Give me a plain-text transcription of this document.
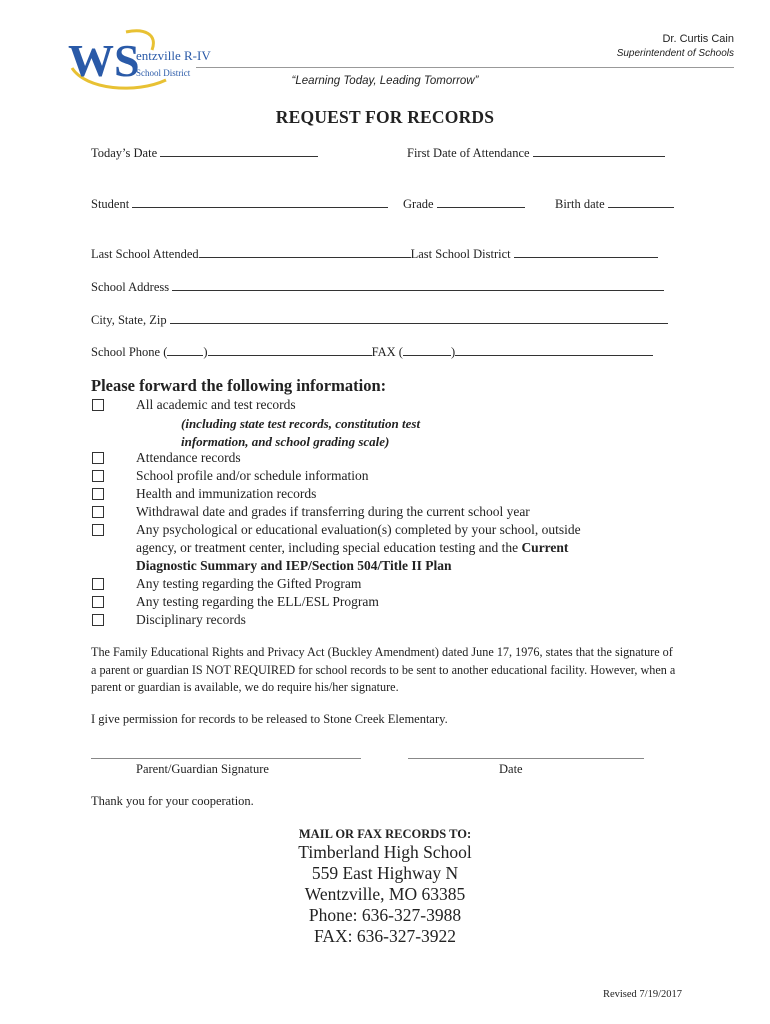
WS
entzville R-IV
School District
Dr. Curtis Cain
Superintendent of Schools
“Learning Today, Leading Tomorrow”
REQUEST FOR RECORDS
Today’s Date	First Date of Attendance
Student	Grade	Birth date
Last School Attended	Last School District
School Address
City, State, Zip
School Phone (	)	FAX (	)
Please forward the following information:
All academic and test records
(including state test records, constitution test
information, and school grading scale)
Attendance records
School profile and/or schedule information
Health and immunization records
Withdrawal date and grades if transferring during the current school year
Any psychological or educational evaluation(s) completed by your school, outside
agency, or treatment center, including special education testing and the Current
Diagnostic Summary and IEP/Section 504/Title II Plan
Any testing regarding the Gifted Program
Any testing regarding the ELL/ESL Program
Disciplinary records
The Family Educational Rights and Privacy Act (Buckley Amendment) dated June 17, 1976, states that the signature of a parent or guardian IS NOT REQUIRED for school records to be sent to another educational facility. However, when a parent or guardian is available, we do require his/her signature.
I give permission for records to be released to Stone Creek Elementary.
Parent/Guardian Signature	Date
Thank you for your cooperation.
MAIL OR FAX RECORDS TO:
Timberland High School
559 East Highway N
Wentzville, MO 63385
Phone: 636-327-3988
FAX: 636-327-3922
Revised 7/19/2017
